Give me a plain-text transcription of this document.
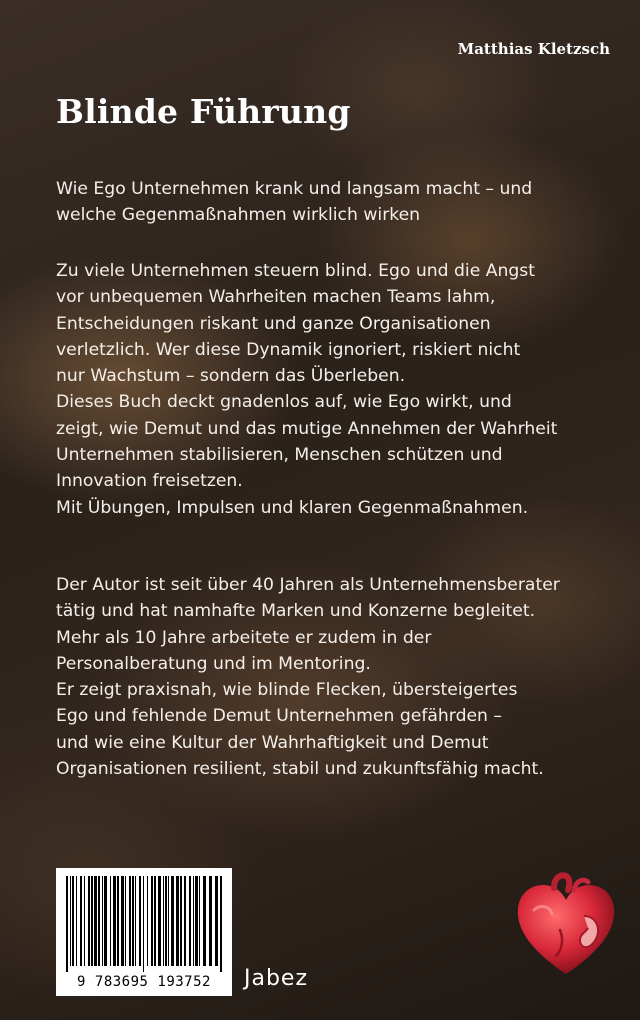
Matthias Kletzsch

Blinde Führung

Wie Ego Unternehmen krank und langsam macht – und

welche Gegenmaßnahmen wirklich wirken

Zu viele Unternehmen steuern blind. Ego und die Angst

vor unbequemen Wahrheiten machen Teams lahm,

Entscheidungen riskant und ganze Organisationen

verletzlich. Wer diese Dynamik ignoriert, riskiert nicht

nur Wachstum – sondern das Überleben.

Dieses Buch deckt gnadenlos auf, wie Ego wirkt, und

zeigt, wie Demut und das mutige Annehmen der Wahrheit

Unternehmen stabilisieren, Menschen schützen und

Innovation freisetzen.

Mit Übungen, Impulsen und klaren Gegenmaßnahmen.

Der Autor ist seit über 40 Jahren als Unternehmensberater

tätig und hat namhafte Marken und Konzerne begleitet.

Mehr als 10 Jahre arbeitete er zudem in der

Personalberatung und im Mentoring.

Er zeigt praxisnah, wie blinde Flecken, übersteigertes

Ego und fehlende Demut Unternehmen gefährden –

und wie eine Kultur der Wahrhaftigkeit und Demut

Organisationen resilient, stabil und zukunftsfähig macht.

9 783695 193752	Jabez
